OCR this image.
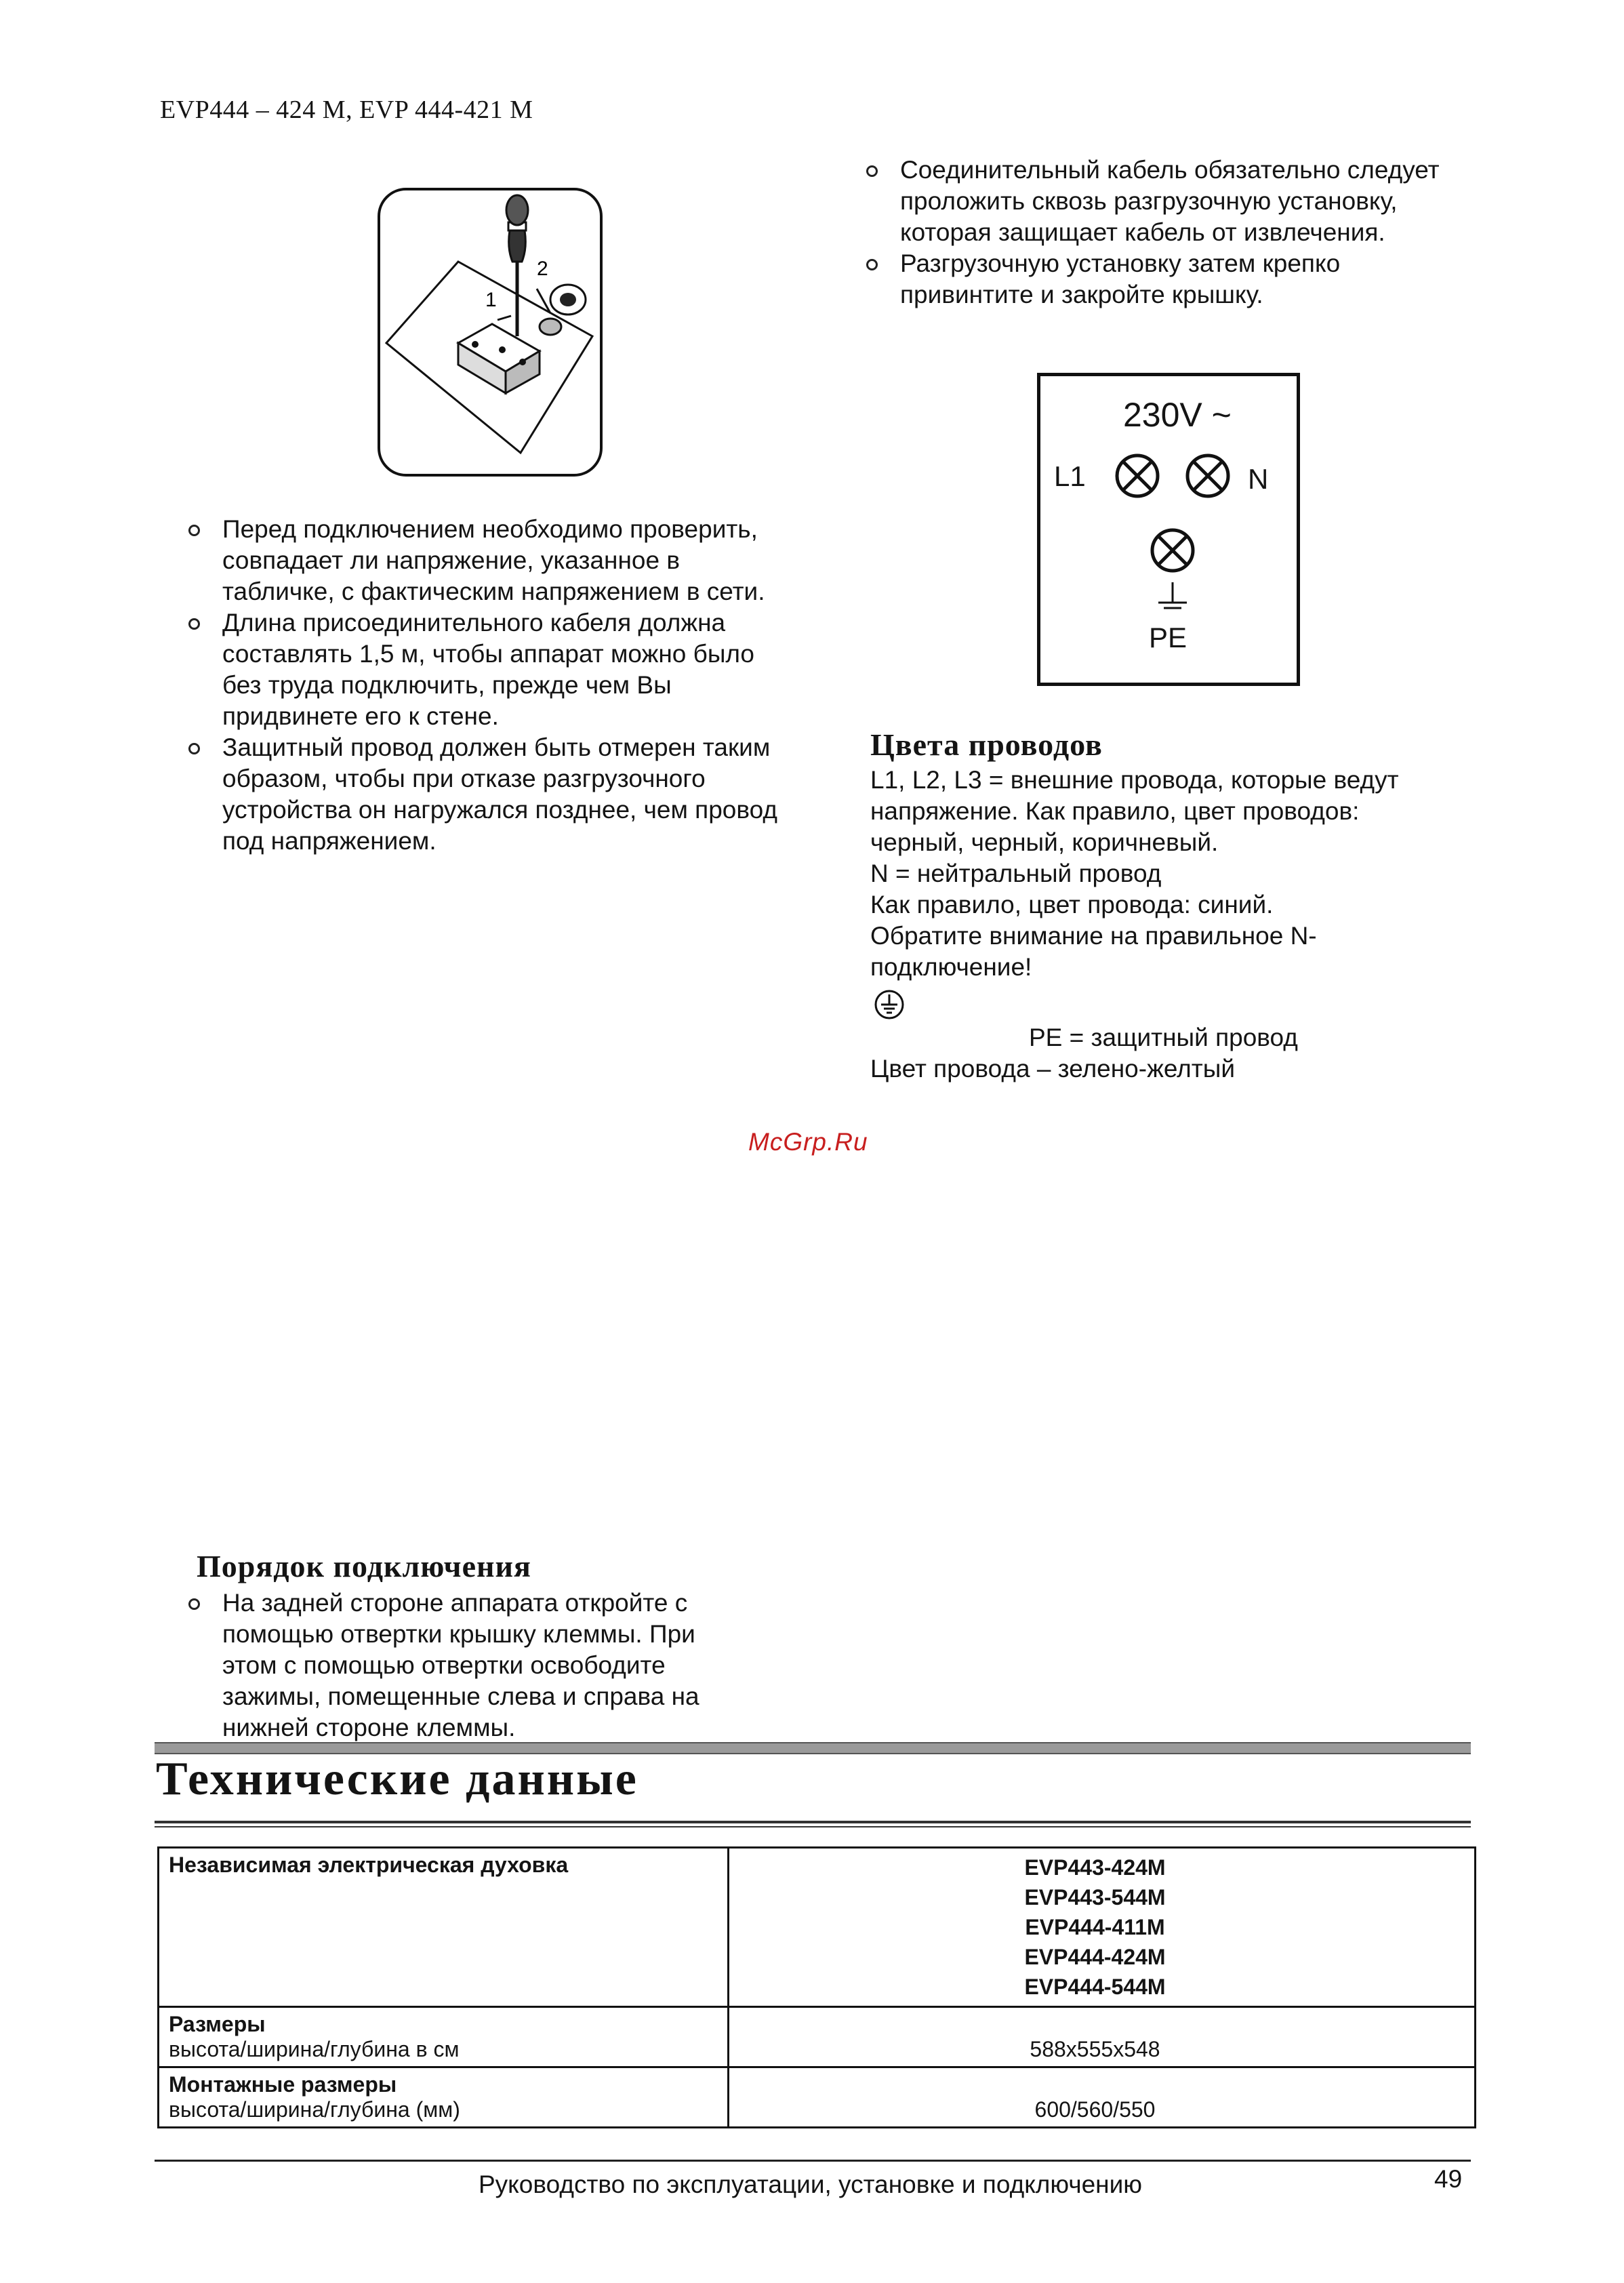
EVP444 – 424 M, EVP 444-421 M
1
2
Перед подключением необходимо проверить, совпадает ли напряжение, указанное в табличке, с фактическим напряжением в сети.
Длина присоединительного кабеля должна составлять 1,5 м, чтобы аппарат можно было без труда подключить, прежде чем Вы придвинете его к стене.
Защитный провод должен быть отмерен таким образом, чтобы при отказе разгрузочного устройства он нагружался позднее, чем провод под напряжением.
Соединительный кабель обязательно следует проложить сквозь разгрузочную установку, которая защищает кабель от извлечения.
Разгрузочную установку затем крепко привинтите и закройте крышку.
230V ~
L1	N
PE
Цвета проводов
L1, L2, L3 = внешние провода, которые ведут
напряжение. Как правило, цвет проводов:
черный, черный, коричневый.
N = нейтральный провод
Как правило, цвет провода: синий.
Обратите внимание на правильное N-
подключение!
PE = защитный провод
Цвет провода – зелено-желтый
McGrp.Ru
Порядок подключения
На задней стороне аппарата откройте с помощью отвертки крышку клеммы. При этом с помощью отвертки освободите зажимы, помещенные слева и справа на нижней стороне клеммы.
Технические данные
Независимая электрическая духовка	EVP443-424M
EVP443-544M
EVP444-411M
EVP444-424M
EVP444-544M

Размеры
высота/ширина/глубина в см	588x555x548

Монтажные размеры
высота/ширина/глубина (мм)	600/560/550
Руководство по эксплуатации, установке и подключению	49
